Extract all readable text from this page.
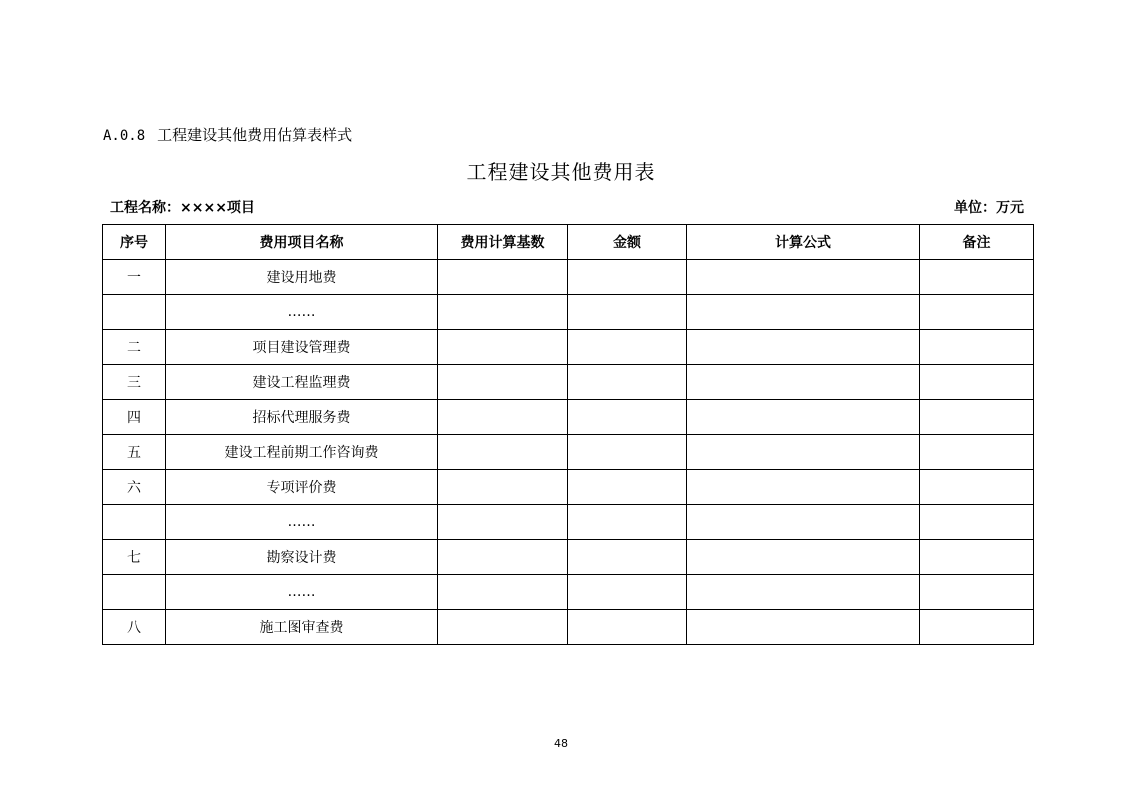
A.0.8 工程建设其他费用估算表样式
工程建设其他费用表
工程名称：××××项目	单位：万元
序号	费用项目名称	费用计算基数	金额	计算公式	备注
一	建设用地费				
	……				
二	项目建设管理费				
三	建设工程监理费				
四	招标代理服务费				
五	建设工程前期工作咨询费				
六	专项评价费				
	……				
七	勘察设计费				
	……				
八	施工图审查费				
48
